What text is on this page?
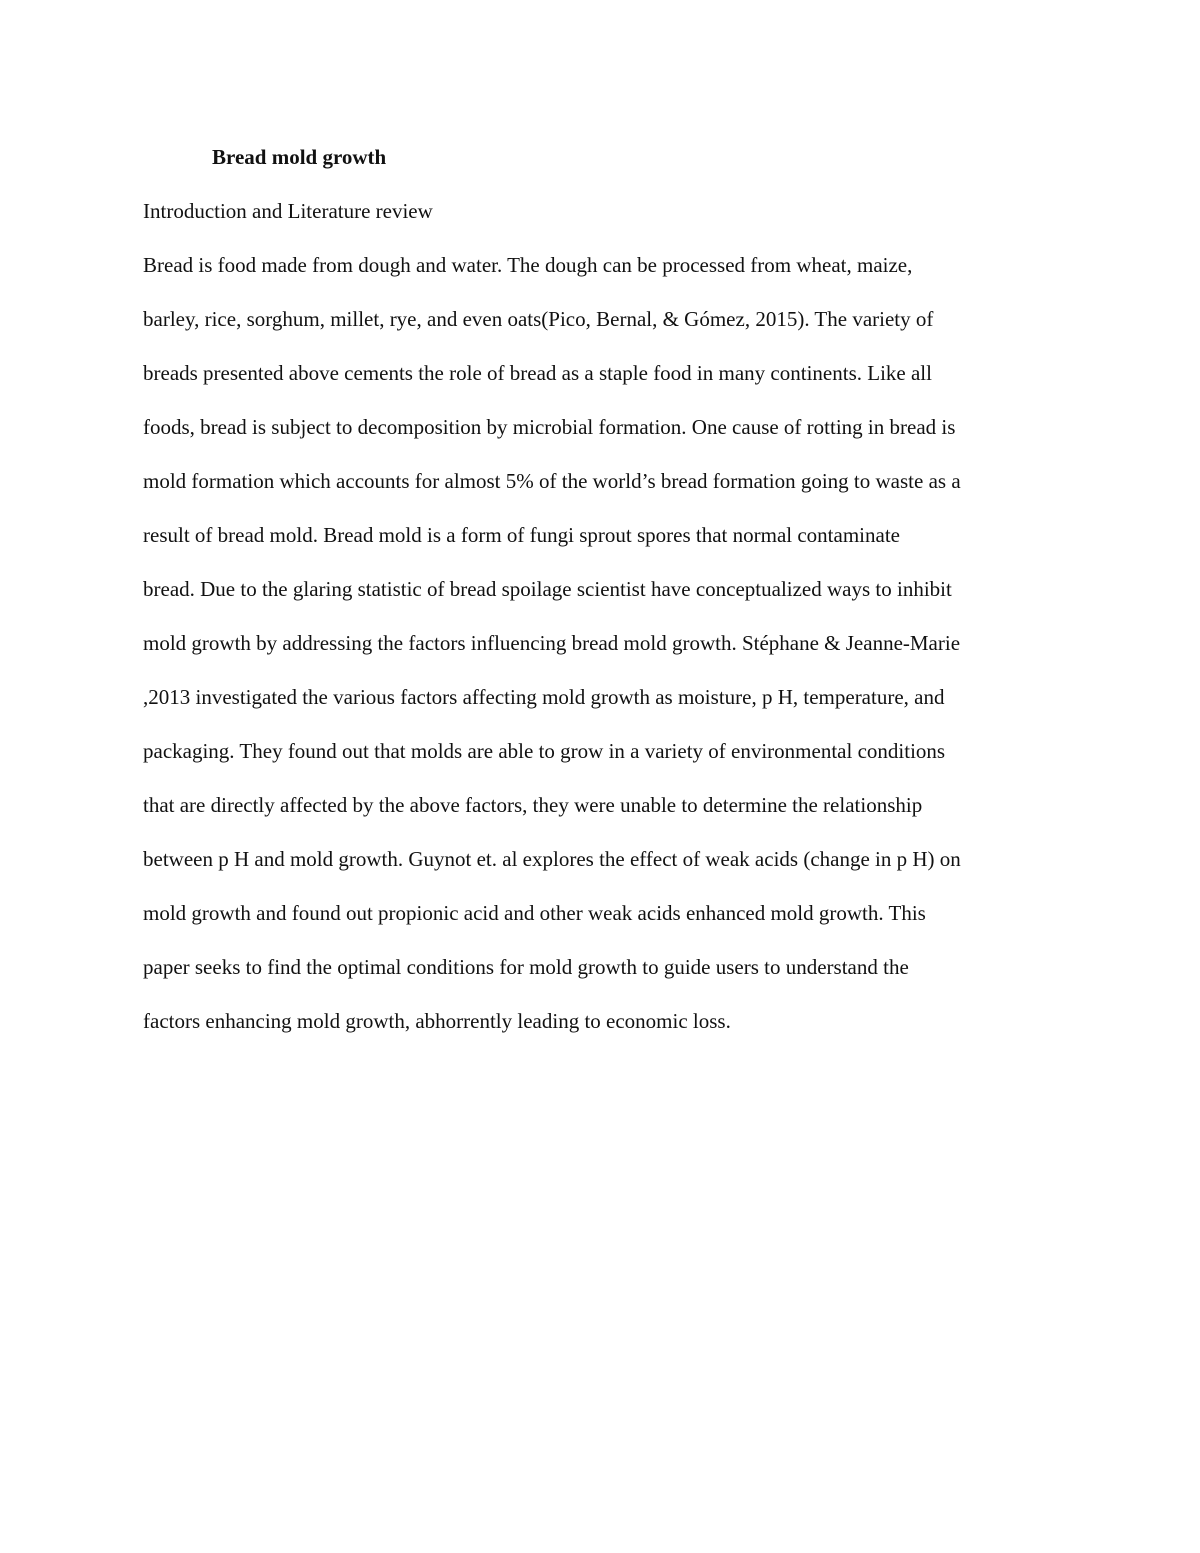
Bread mold growth
Introduction and Literature review
Bread is food made from dough and water. The dough can be processed from wheat, maize,
barley, rice, sorghum, millet, rye, and even oats(Pico, Bernal, & Gómez, 2015). The variety of
breads presented above cements the role of bread as a staple food in many continents. Like all
foods, bread is subject to decomposition by microbial formation. One cause of rotting in bread is
mold formation which accounts for almost 5% of the world’s bread formation going to waste as a
result of bread mold. Bread mold is a form of fungi sprout spores that normal contaminate
bread. Due to the glaring statistic of bread spoilage scientist have conceptualized ways to inhibit
mold growth by addressing the factors influencing bread mold growth. Stéphane & Jeanne-Marie
,2013 investigated the various factors affecting mold growth as moisture, p H, temperature, and
packaging. They found out that molds are able to grow in a variety of environmental conditions
that are directly affected by the above factors, they were unable to determine the relationship
between p H and mold growth. Guynot et. al explores the effect of weak acids (change in p H) on
mold growth and found out propionic acid and other weak acids enhanced mold growth. This
paper seeks to find the optimal conditions for mold growth to guide users to understand the
factors enhancing mold growth, abhorrently leading to economic loss.
